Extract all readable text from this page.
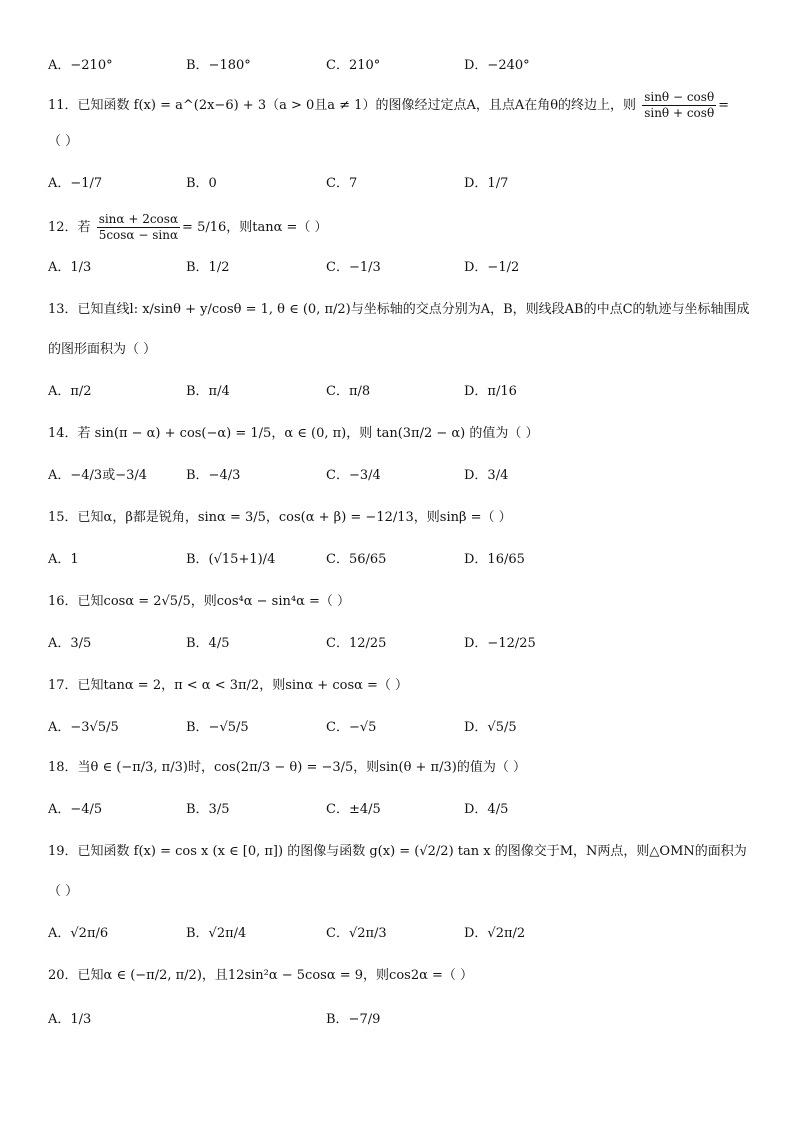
A．−210°	B．−180°	C．210°	D．−240°
11．已知函数 f(x) = a^(2x−6) + 3（a > 0且a ≠ 1）的图像经过定点A，且点A在角θ的终边上，则 $\frac{\sin\theta - \cos\theta}{\sin\theta + \cos\theta}$ =
（ ）
A．−1/7	B．0	C．7	D．1/7
12．若 $\frac{\sin\alpha + 2\cos\alpha}{5\cos\alpha - \sin\alpha} = 5/16$，则tanα =（ ）
A．1/3	B．1/2	C．−1/3	D．−1/2
13．已知直线l: x/sinθ + y/cosθ = 1, θ ∈ (0, π/2)与坐标轴的交点分别为A，B，则线段AB的中点C的轨迹与坐标轴围成
的图形面积为（ ）
A．π/2	B．π/4	C．π/8	D．π/16
14．若 sin(π − α) + cos(−α) = 1/5，α ∈ (0, π)，则 tan(3π/2 − α) 的值为（ ）
A．−4/3或−3/4	B．−4/3	C．−3/4	D．3/4
15．已知α，β都是锐角，sinα = 3/5，cos(α + β) = −12/13，则sinβ =（ ）
A．1	B．(√15+1)/4	C．56/65	D．16/65
16．已知cosα = 2√5/5，则cos⁴α − sin⁴α =（ ）
A．3/5	B．4/5	C．12/25	D．−12/25
17．已知tanα = 2，π < α < 3π/2，则sinα + cosα =（ ）
A．−3√5/5	B．−√5/5	C．−√5	D．√5/5
18．当θ ∈ (−π/3, π/3)时，cos(2π/3 − θ) = −3/5，则sin(θ + π/3)的值为（ ）
A．−4/5	B．3/5	C．±4/5	D．4/5
19．已知函数 f(x) = cos x (x ∈ [0, π]) 的图像与函数 g(x) = (√2/2) tan x 的图像交于M，N两点，则△OMN的面积为
（ ）
A．√2π/6	B．√2π/4	C．√2π/3	D．√2π/2
20．已知α ∈ (−π/2, π/2)，且12sin²α − 5cosα = 9，则cos2α =（ ）
A．1/3	B．−7/9
